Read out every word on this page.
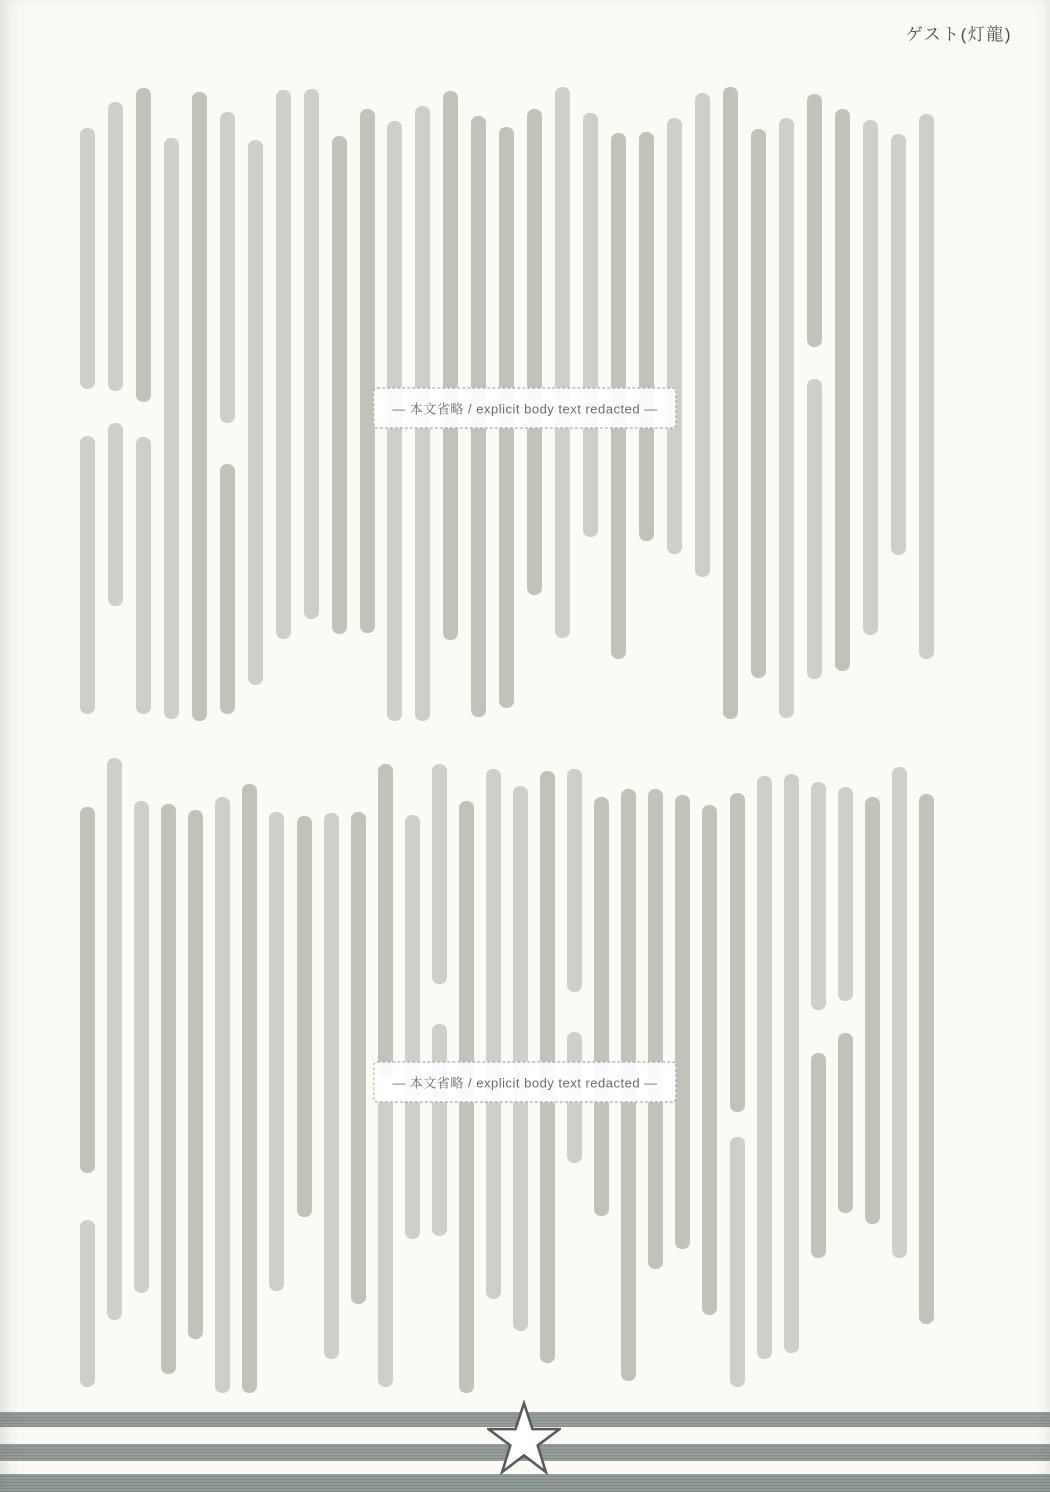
ゲスト(灯龍)
— 本文省略 / explicit body text redacted —
— 本文省略 / explicit body text redacted —
